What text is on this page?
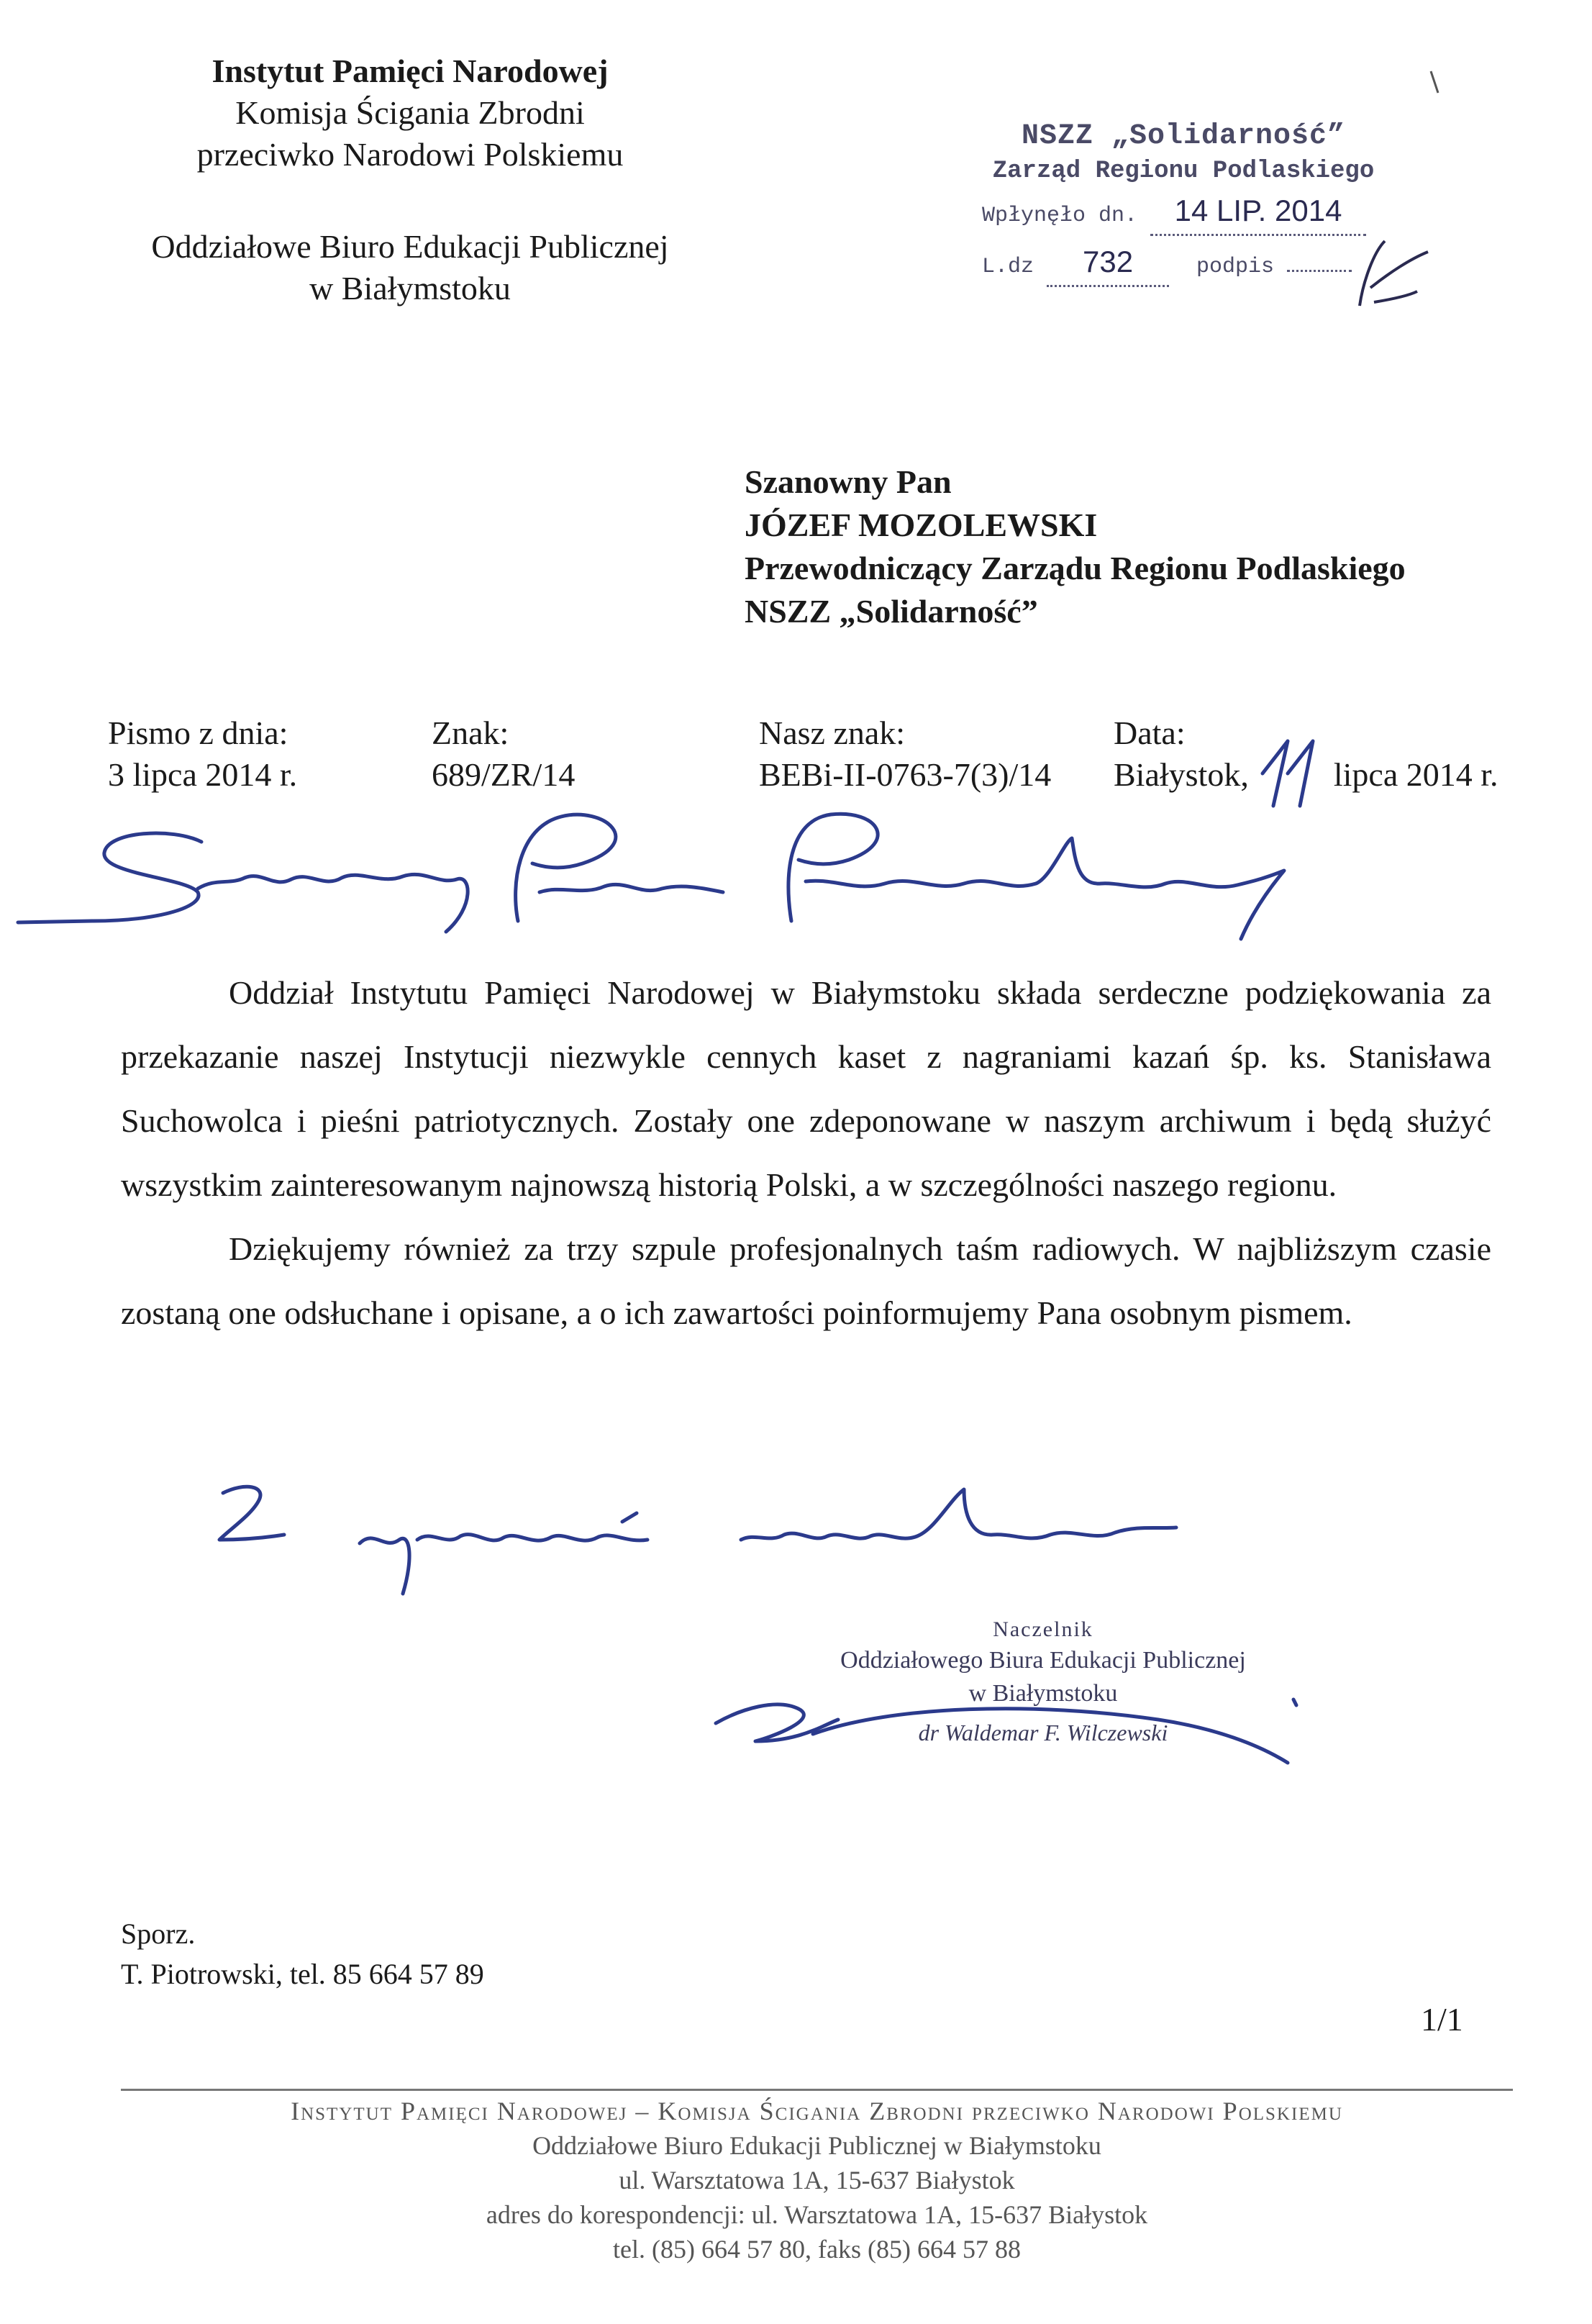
Instytut Pamięci Narodowej
Komisja Ścigania Zbrodni
przeciwko Narodowi Polskiemu
Oddziałowe Biuro Edukacji Publicznej
w Białymstoku
NSZZ „Solidarność”
Zarząd Regionu Podlaskiego
Wpłynęło dn. 14 LIP. 2014
L.dz 732	podpis
Szanowny Pan
JÓZEF MOZOLEWSKI
Przewodniczący Zarządu Regionu Podlaskiego
NSZZ „Solidarność”
Pismo z dnia:
3 lipca 2014 r.
Znak:
689/ZR/14
Nasz znak:
BEBi-II-0763-7(3)/14
Data:
Białystok,	lipca 2014 r.

Oddział Instytutu Pamięci Narodowej w Białymstoku składa serdeczne podziękowania za przekazanie naszej Instytucji niezwykle cennych kaset z nagraniami kazań śp. ks. Stanisława Suchowolca i pieśni patriotycznych. Zostały one zdeponowane w naszym archiwum i będą służyć wszystkim zainteresowanym najnowszą historią Polski, a w szczególności naszego regionu.

Dziękujemy również za trzy szpule profesjonalnych taśm radiowych. W najbliższym czasie zostaną one odsłuchane i opisane, a o ich zawartości poinformujemy Pana osobnym pismem.

Naczelnik
Oddziałowego Biura Edukacji Publicznej
w Białymstoku
dr Waldemar F. Wilczewski
Sporz.
T. Piotrowski, tel. 85 664 57 89
1/1
Instytut Pamięci Narodowej – Komisja Ścigania Zbrodni przeciwko Narodowi Polskiemu
Oddziałowe Biuro Edukacji Publicznej w Białymstoku
ul. Warsztatowa 1A, 15-637 Białystok
adres do korespondencji: ul. Warsztatowa 1A, 15-637 Białystok
tel. (85) 664 57 80, faks (85) 664 57 88
